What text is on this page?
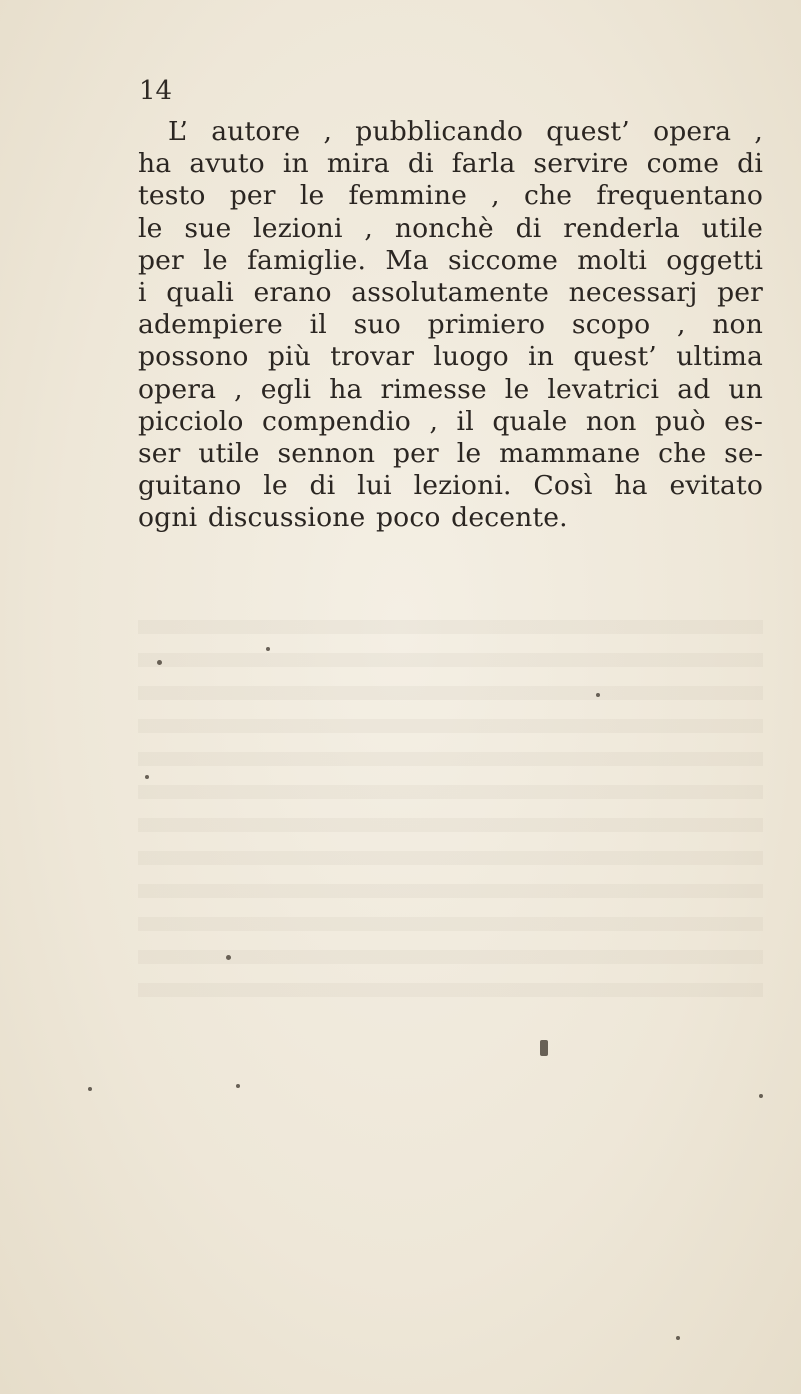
14
L’ autore , pubblicando quest’ opera ,
ha avuto in mira di farla servire come di
testo per le femmine , che frequentano
le sue lezioni , nonchè di renderla utile
per le famiglie. Ma siccome molti oggetti
i quali erano assolutamente necessarj per
adempiere il suo primiero scopo , non
possono più trovar luogo in quest’ ultima
opera , egli ha rimesse le levatrici ad un
picciolo compendio , il quale non può es-
ser utile sennon per le mammane che se-
guitano le di lui lezioni. Così ha evitato
ogni discussione poco decente.
